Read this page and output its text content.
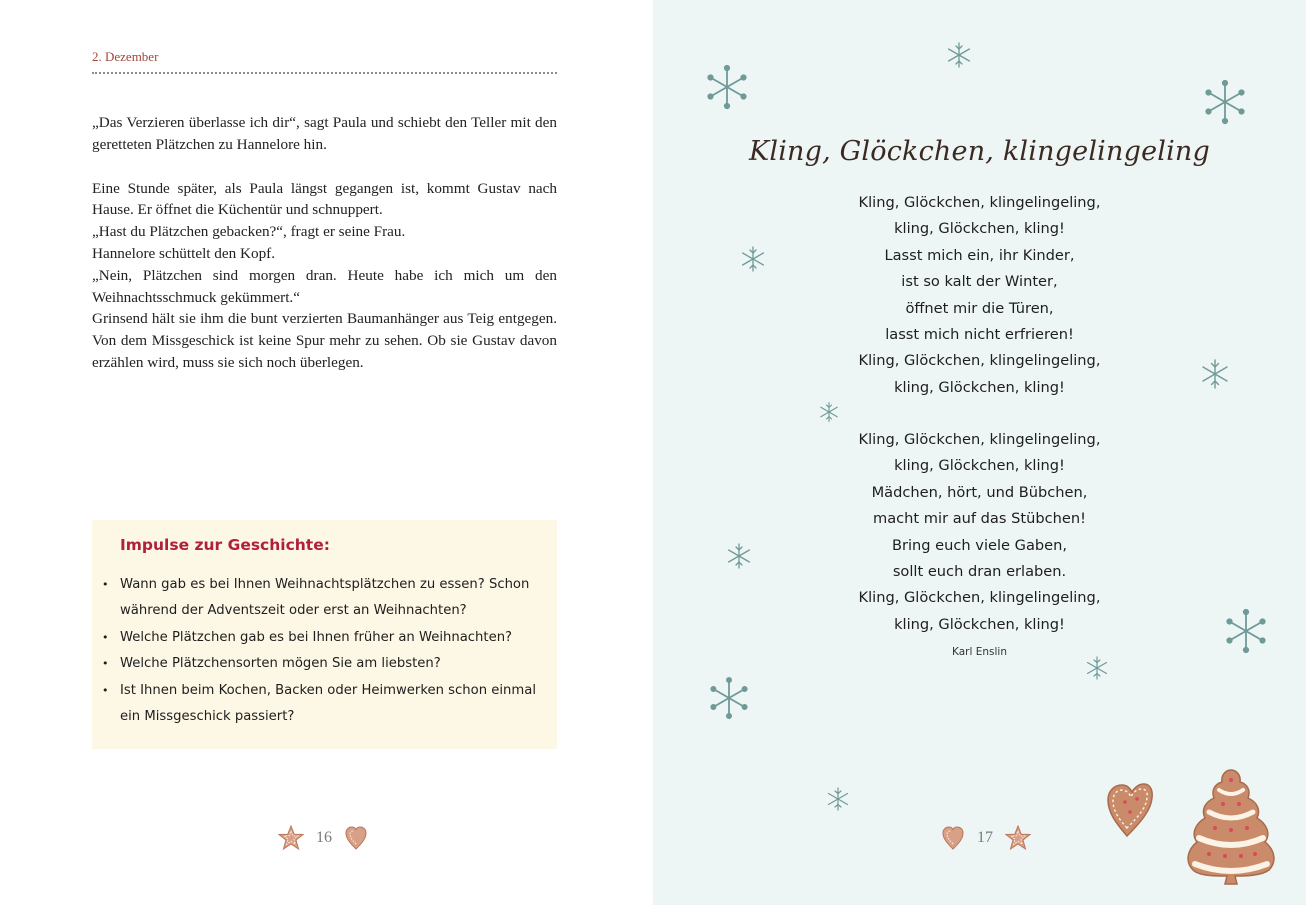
2. Dezember

„Das Verzieren überlasse ich dir“, sagt Paula und schiebt den Teller mit den geretteten Plätzchen zu Hannelore hin.

Eine Stunde später, als Paula längst gegangen ist, kommt Gustav nach Hause. Er öffnet die Küchentür und schnuppert.

„Hast du Plätzchen gebacken?“, fragt er seine Frau.

Hannelore schüttelt den Kopf.

„Nein, Plätzchen sind morgen dran. Heute habe ich mich um den Weihnachtsschmuck gekümmert.“

Grinsend hält sie ihm die bunt verzierten Baumanhänger aus Teig entgegen. Von dem Missgeschick ist keine Spur mehr zu sehen. Ob sie Gustav davon erzählen wird, muss sie sich noch überlegen.

Impulse zur Geschichte:
• Wann gab es bei Ihnen Weihnachtsplätzchen zu essen? Schon während der Adventszeit oder erst an Weihnachten?
• Welche Plätzchen gab es bei Ihnen früher an Weihnachten?
• Welche Plätzchensorten mögen Sie am liebsten?
• Ist Ihnen beim Kochen, Backen oder Heimwerken schon einmal ein Missgeschick passiert?
16
Kling, Glöckchen, klingelingeling
Kling, Glöckchen, klingelingeling,
kling, Glöckchen, kling!
Lasst mich ein, ihr Kinder,
ist so kalt der Winter,
öffnet mir die Türen,
lasst mich nicht erfrieren!
Kling, Glöckchen, klingelingeling,
kling, Glöckchen, kling!
Kling, Glöckchen, klingelingeling,
kling, Glöckchen, kling!
Mädchen, hört, und Bübchen,
macht mir auf das Stübchen!
Bring euch viele Gaben,
sollt euch dran erlaben.
Kling, Glöckchen, klingelingeling,
kling, Glöckchen, kling!
Karl Enslin
17
